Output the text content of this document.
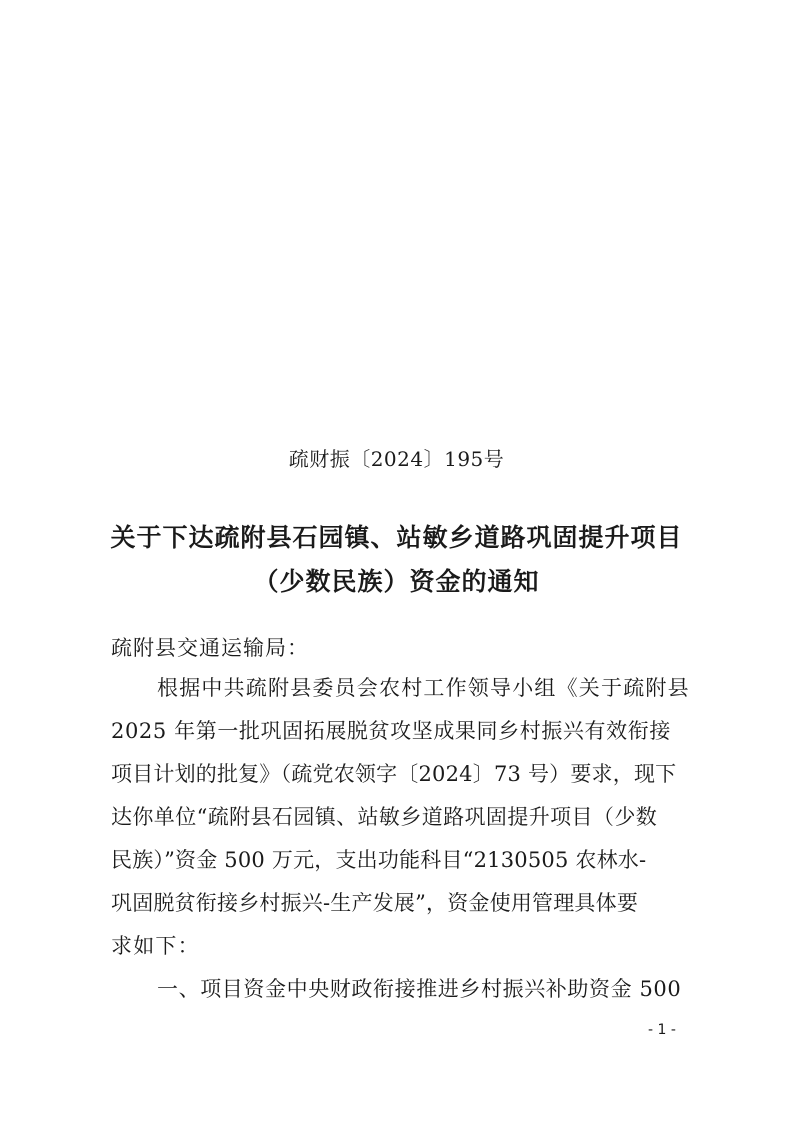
疏财振〔2024〕195号
关于下达疏附县石园镇、站敏乡道路巩固提升项目
（少数民族）资金的通知
疏附县交通运输局：
根据中共疏附县委员会农村工作领导小组《关于疏附县
2025 年第一批巩固拓展脱贫攻坚成果同乡村振兴有效衔接
项目计划的批复》（疏党农领字〔2024〕73 号）要求，现下
达你单位“疏附县石园镇、站敏乡道路巩固提升项目（少数
民族）”资金 500 万元，支出功能科目“2130505 农林水-
巩固脱贫衔接乡村振兴-生产发展”，资金使用管理具体要
求如下：
一、项目资金中央财政衔接推进乡村振兴补助资金 500
- 1 -
